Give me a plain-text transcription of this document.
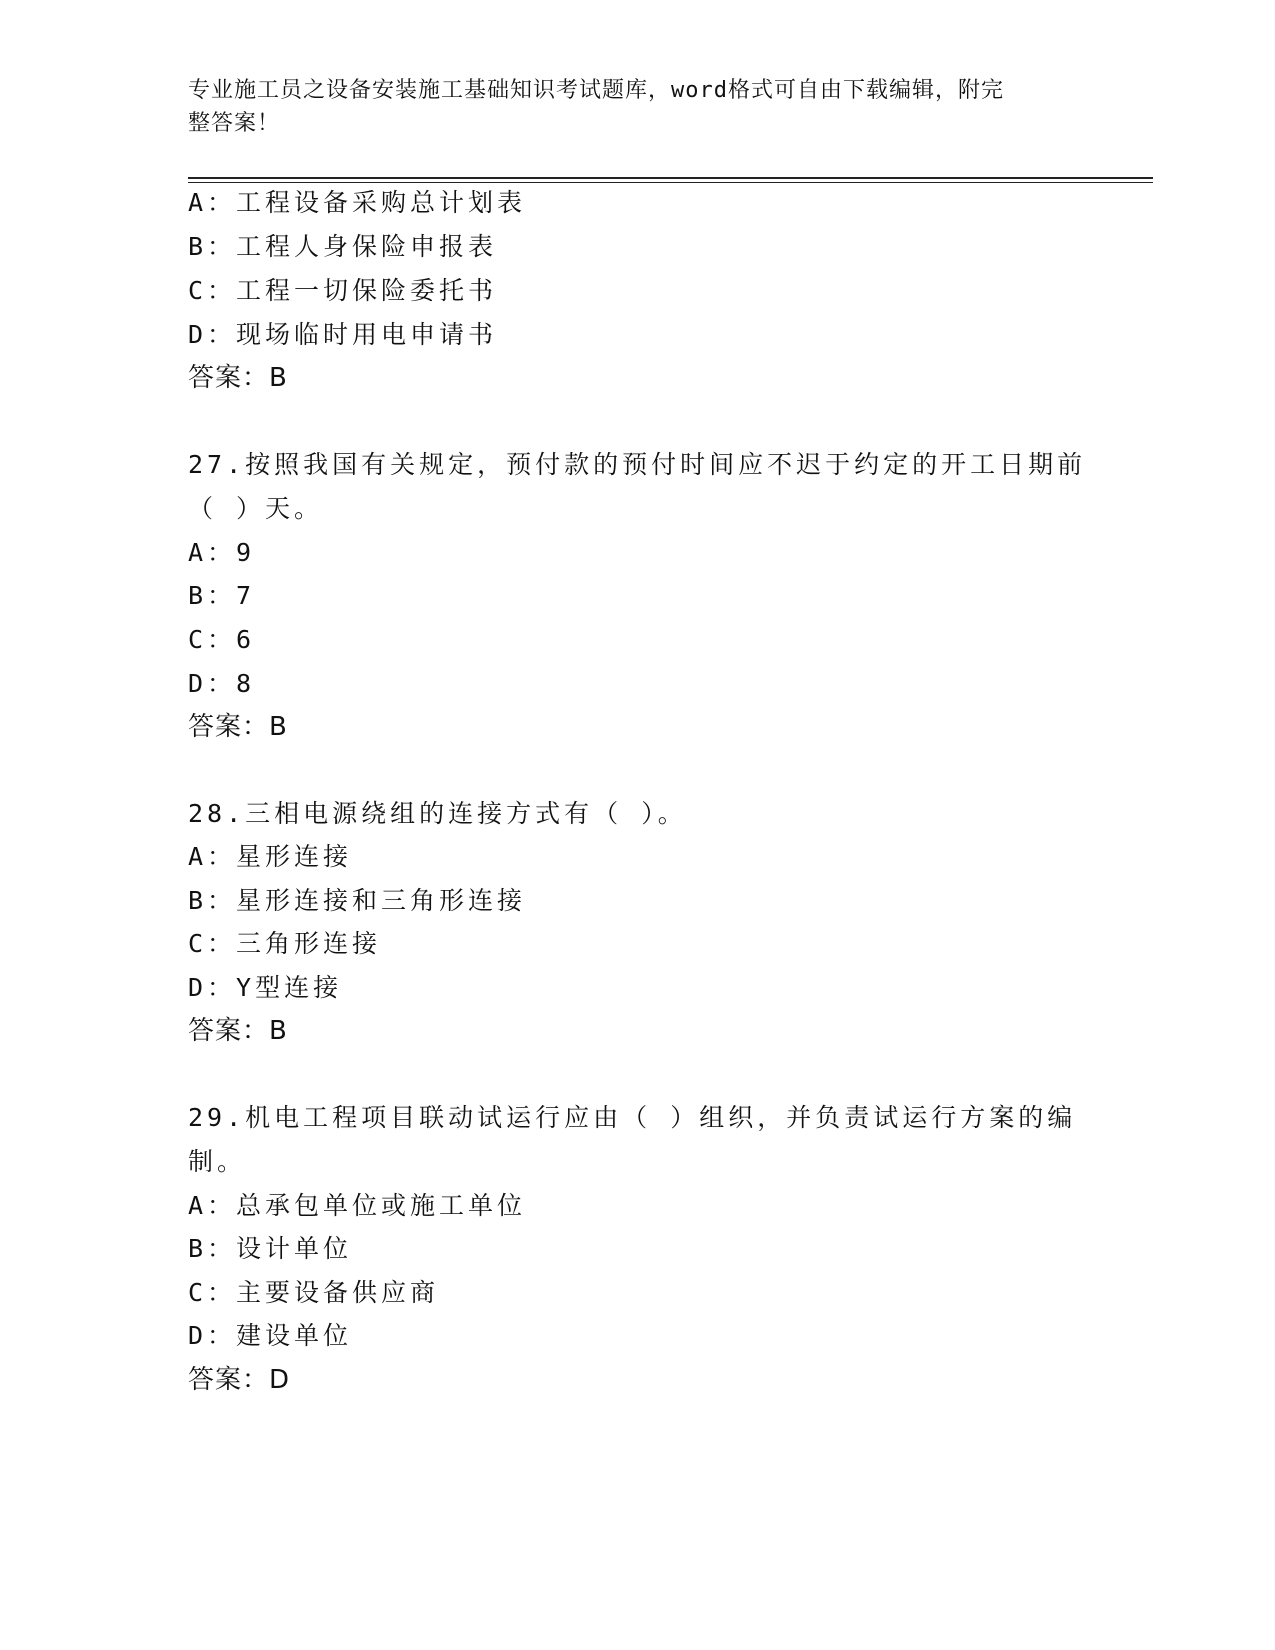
专业施工员之设备安装施工基础知识考试题库，word格式可自由下载编辑，附完
整答案！
A：工程设备采购总计划表
B：工程人身保险申报表
C：工程一切保险委托书
D：现场临时用电申请书
答案：B
27.按照我国有关规定，预付款的预付时间应不迟于约定的开工日期前
（ ）天。
A：9
B：7
C：6
D：8
答案：B
28.三相电源绕组的连接方式有（ ）。
A：星形连接
B：星形连接和三角形连接
C：三角形连接
D：Y型连接
答案：B
29.机电工程项目联动试运行应由（ ）组织，并负责试运行方案的编
制。
A：总承包单位或施工单位
B：设计单位
C：主要设备供应商
D：建设单位
答案：D
